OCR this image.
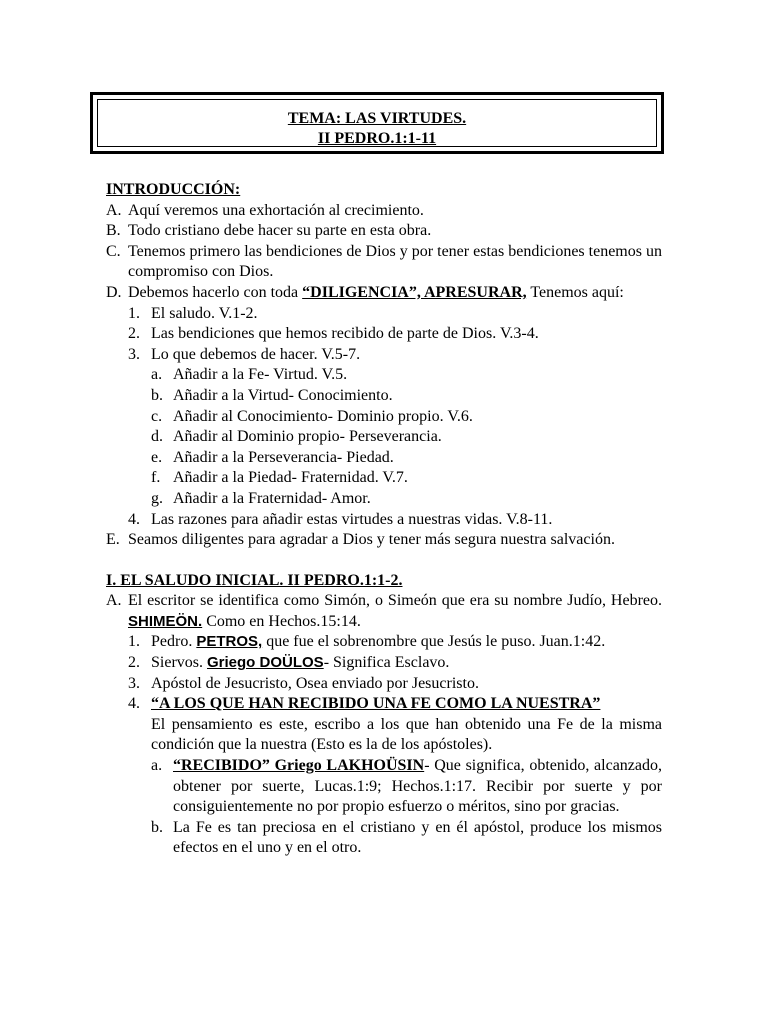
TEMA: LAS VIRTUDES.
II PEDRO.1:1-11
INTRODUCCIÓN:
A. Aquí veremos una exhortación al crecimiento.
B. Todo cristiano debe hacer su parte en esta obra.
C. Tenemos primero las bendiciones de Dios y por tener estas bendiciones tenemos un compromiso con Dios.
D. Debemos hacerlo con toda “DILIGENCIA”, APRESURAR, Tenemos aquí:
1. El saludo. V.1-2.
2. Las bendiciones que hemos recibido de parte de Dios. V.3-4.
3. Lo que debemos de hacer. V.5-7.
a. Añadir a la Fe- Virtud. V.5.
b. Añadir a la Virtud- Conocimiento.
c. Añadir al Conocimiento- Dominio propio. V.6.
d. Añadir al Dominio propio- Perseverancia.
e. Añadir a la Perseverancia- Piedad.
f. Añadir a la Piedad- Fraternidad. V.7.
g. Añadir a la Fraternidad- Amor.
4. Las razones para añadir estas virtudes a nuestras vidas. V.8-11.
E. Seamos diligentes para agradar a Dios y tener más segura nuestra salvación.
I. EL SALUDO INICIAL. II PEDRO.1:1-2.
A. El escritor se identifica como Simón, o Simeón que era su nombre Judío, Hebreo. SHIMEÖN. Como en Hechos.15:14.
1. Pedro. PETROS, que fue el sobrenombre que Jesús le puso. Juan.1:42.
2. Siervos. Griego DOÜLOS- Significa Esclavo.
3. Apóstol de Jesucristo, Osea enviado por Jesucristo.
4. “A LOS QUE HAN RECIBIDO UNA FE COMO LA NUESTRA”
El pensamiento es este, escribo a los que han obtenido una Fe de la misma condición que la nuestra (Esto es la de los apóstoles).
a. “RECIBIDO” Griego LAKHOÜSIN- Que significa, obtenido, alcanzado, obtener por suerte, Lucas.1:9; Hechos.1:17. Recibir por suerte y por consiguientemente no por propio esfuerzo o méritos, sino por gracias.
b. La Fe es tan preciosa en el cristiano y en él apóstol, produce los mismos efectos en el uno y en el otro.
